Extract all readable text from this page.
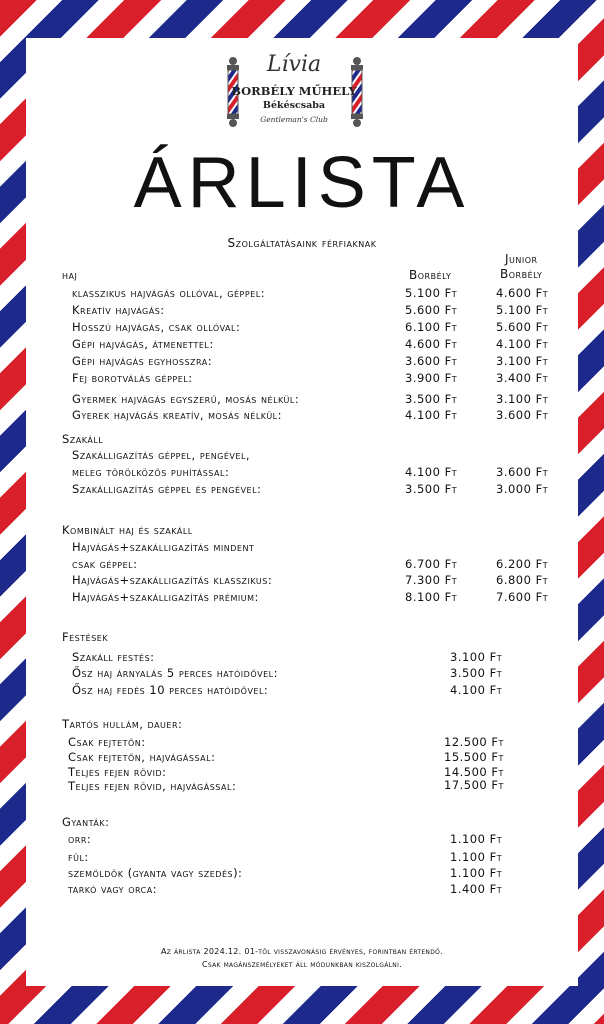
Lívia
BORBÉLY MŰHELY
Békéscsaba
Gentleman's Club
ÁRLISTA
Szolgáltatásaink férfiaknak
Borbély
Junior
Borbély
haj
klasszikus hajvágás ollóval, géppel:	5.100 Ft	4.600 Ft
Kreatív hajvágás:	5.600 Ft	5.100 Ft
Hosszú hajvágás, csak ollóval:	6.100 Ft	5.600 Ft
Gépi hajvágás, átmenettel:	4.600 Ft	4.100 Ft
Gépi hajvágás egyhosszra:	3.600 Ft	3.100 Ft
Fej borotválás géppel:	3.900 Ft	3.400 Ft
Gyermek hajvágás egyszerű, mosás nélkül:	3.500 Ft	3.100 Ft
Gyerek hajvágás kreatív, mosás nélkül:	4.100 Ft	3.600 Ft
Szakáll
Szakálligazítás géppel, pengével,
meleg törölközős puhítással:	4.100 Ft	3.600 Ft
Szakálligazítás géppel és pengével:	3.500 Ft	3.000 Ft
Kombinált haj és szakáll
Hajvágás+szakálligazítás mindent
csak géppel:	6.700 Ft	6.200 Ft
Hajvágás+szakálligazítás klasszikus:	7.300 Ft	6.800 Ft
Hajvágás+szakálligazítás prémium:	8.100 Ft	7.600 Ft
Festések
Szakáll festés:	3.100 Ft
Ősz haj árnyalás 5 perces hatóidővel:	3.500 Ft
Ősz haj fedés 10 perces hatóidővel:	4.100 Ft
Tartós hullám, dauer:
Csak fejtetőn:	12.500 Ft
Csak fejtetőn, hajvágással:	15.500 Ft
Teljes fejen rövid:	14.500 Ft
Teljes fejen rövid, hajvágással:	17.500 Ft
Gyanták:
orr:	1.100 Ft
fül:	1.100 Ft
szemöldök (gyanta vagy szedés):	1.100 Ft
tarkó vagy orca:	1.400 Ft
Az árlista 2024.12. 01-től visszavonásig érvényes, forintban értendő.
Csak magánszemélyeket áll módunkban kiszolgálni.
